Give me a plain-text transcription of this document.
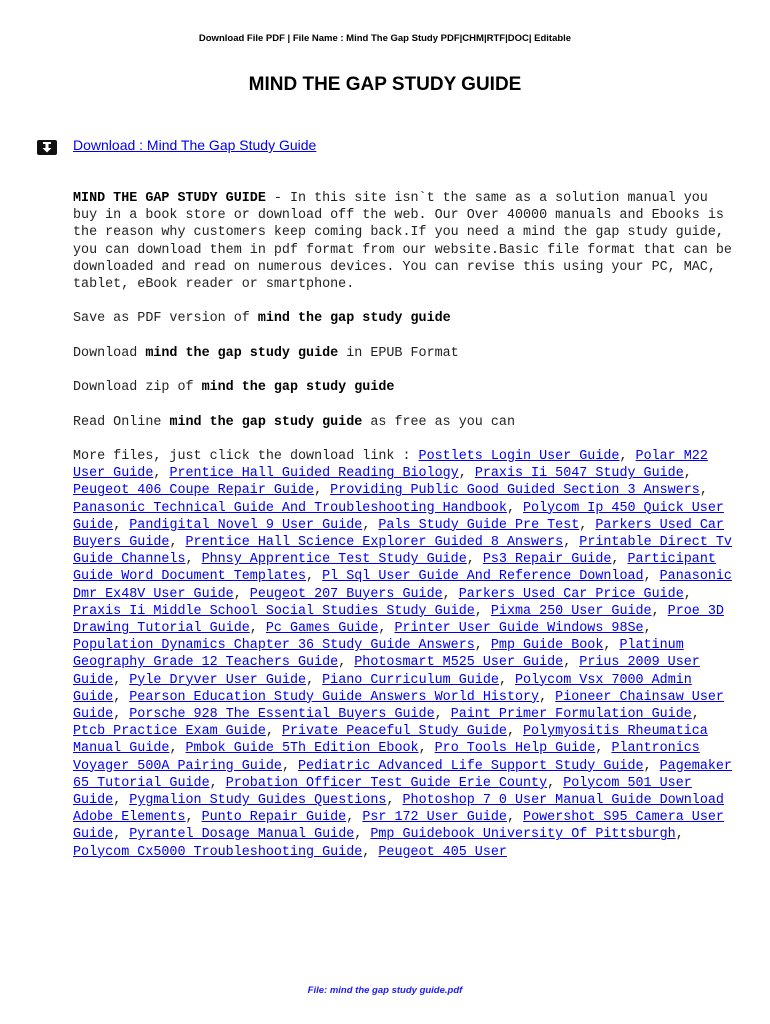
Download File PDF | File Name : Mind The Gap Study PDF|CHM|RTF|DOC| Editable
MIND THE GAP STUDY GUIDE
Download : Mind The Gap Study Guide

MIND THE GAP STUDY GUIDE - In this site isn`t the same as a solution manual you buy in a book store or download off the web. Our Over 40000 manuals and Ebooks is the reason why customers keep coming back.If you need a mind the gap study guide, you can download them in pdf format from our website.Basic file format that can be downloaded and read on numerous devices. You can revise this using your PC, MAC, tablet, eBook reader or smartphone.

Save as PDF version of mind the gap study guide

Download mind the gap study guide in EPUB Format

Download zip of mind the gap study guide

Read Online mind the gap study guide as free as you can

More files, just click the download link : Postlets Login User Guide, Polar M22 User Guide, Prentice Hall Guided Reading Biology, Praxis Ii 5047 Study Guide, Peugeot 406 Coupe Repair Guide, Providing Public Good Guided Section 3 Answers, Panasonic Technical Guide And Troubleshooting Handbook, Polycom Ip 450 Quick User Guide, Pandigital Novel 9 User Guide, Pals Study Guide Pre Test, Parkers Used Car Buyers Guide, Prentice Hall Science Explorer Guided 8 Answers, Printable Direct Tv Guide Channels, Phnsy Apprentice Test Study Guide, Ps3 Repair Guide, Participant Guide Word Document Templates, Pl Sql User Guide And Reference Download, Panasonic Dmr Ex48V User Guide, Peugeot 207 Buyers Guide, Parkers Used Car Price Guide, Praxis Ii Middle School Social Studies Study Guide, Pixma 250 User Guide, Proe 3D Drawing Tutorial Guide, Pc Games Guide, Printer User Guide Windows 98Se, Population Dynamics Chapter 36 Study Guide Answers, Pmp Guide Book, Platinum Geography Grade 12 Teachers Guide, Photosmart M525 User Guide, Prius 2009 User Guide, Pyle Dryver User Guide, Piano Curriculum Guide, Polycom Vsx 7000 Admin Guide, Pearson Education Study Guide Answers World History, Pioneer Chainsaw User Guide, Porsche 928 The Essential Buyers Guide, Paint Primer Formulation Guide, Ptcb Practice Exam Guide, Private Peaceful Study Guide, Polymyositis Rheumatica Manual Guide, Pmbok Guide 5Th Edition Ebook, Pro Tools Help Guide, Plantronics Voyager 500A Pairing Guide, Pediatric Advanced Life Support Study Guide, Pagemaker 65 Tutorial Guide, Probation Officer Test Guide Erie County, Polycom 501 User Guide, Pygmalion Study Guides Questions, Photoshop 7 0 User Manual Guide Download Adobe Elements, Punto Repair Guide, Psr 172 User Guide, Powershot S95 Camera User Guide, Pyrantel Dosage Manual Guide, Pmp Guidebook University Of Pittsburgh, Polycom Cx5000 Troubleshooting Guide, Peugeot 405 User

File: mind the gap study guide.pdf
